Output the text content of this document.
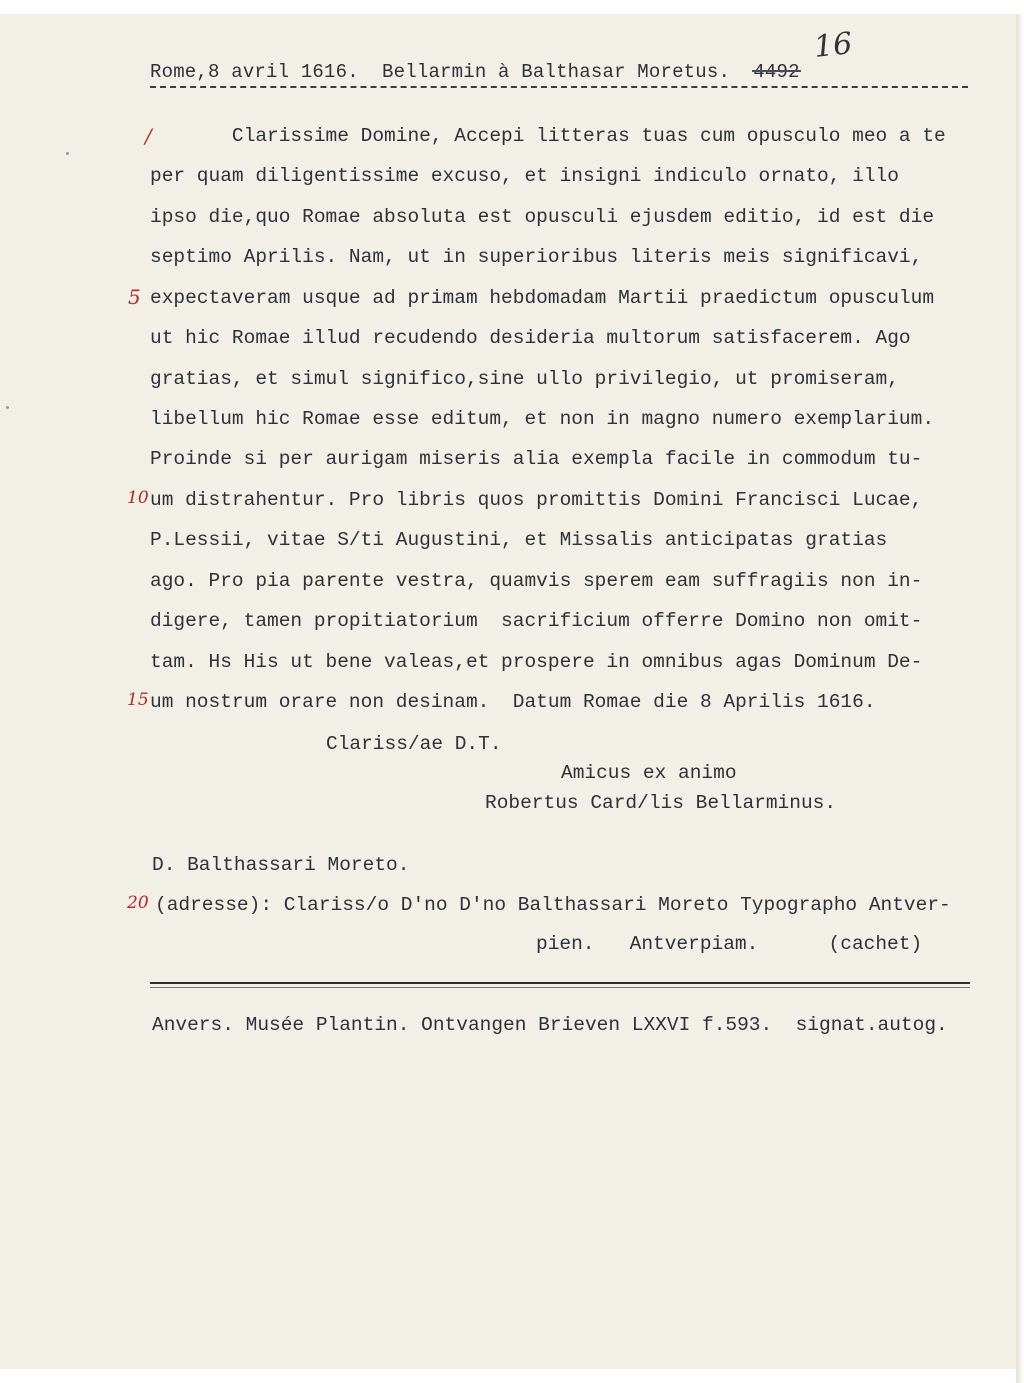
Rome,8 avril 1616.  Bellarmin à Balthasar Moretus.  4492
16
Clarissime Domine, Accepi litteras tuas cum opusculo meo a te
per quam diligentissime excuso, et insigni indiculo ornato, illo
ipso die,quo Romae absoluta est opusculi ejusdem editio, id est die
septimo Aprilis. Nam, ut in superioribus literis meis significavi,
expectaveram usque ad primam hebdomadam Martii praedictum opusculum
ut hic Romae illud recudendo desideria multorum satisfacerem. Ago
gratias, et simul significo,sine ullo privilegio, ut promiseram,
libellum hic Romae esse editum, et non in magno numero exemplarium.
Proinde si per aurigam miseris alia exempla facile in commodum tu-
um distrahentur. Pro libris quos promittis Domini Francisci Lucae,
P.Lessii, vitae S/ti Augustini, et Missalis anticipatas gratias
ago. Pro pia parente vestra, quamvis sperem eam suffragiis non in-
digere, tamen propitiatorium  sacrificium offerre Domino non omit-
tam. Hs His ut bene valeas,et prospere in omnibus agas Dominum De-
um nostrum orare non desinam.  Datum Romae die 8 Aprilis 1616.
Clariss/ae D.T.
Amicus ex animo
Robertus Card/lis Bellarminus.
D. Balthassari Moreto.
(adresse): Clariss/o D'no D'no Balthassari Moreto Typographo Antver-
pien.   Antverpiam.      (cachet)
/
5
10
15
20
Anvers. Musée Plantin. Ontvangen Brieven LXXVI f.593.  signat.autog.
